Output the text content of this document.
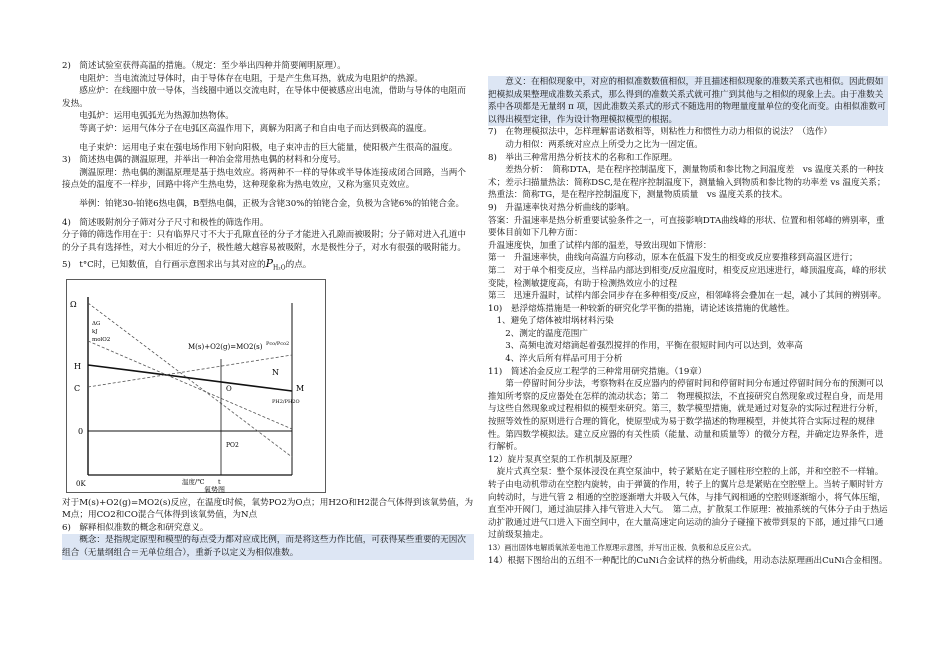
2)　简述试验室获得高温的措施。（规定：至少举出四种并简要阐明原理）。

电阻炉：当电流流过导体时，由于导体存在电阻，于是产生焦耳热，就成为电阻炉的热源。

感应炉：在线圈中放一导体，当线圈中通以交流电时，在导体中便被感应出电流，借助与导体的电阻而发热。

电弧炉：运用电弧弧光为热源加热物体。

等离子炉：运用气体分子在电弧区高温作用下，离解为阳离子和自由电子而达到极高的温度。

电子束炉：运用电子束在强电场作用下射向阳极，电子束冲击的巨大能量，使阳极产生很高的温度。

3)　简述热电偶的测温原理，并举出一种冶金常用热电偶的材料和分度号。

测温原理：热电偶的测温原理是基于热电效应。将两种不一样的导体或半导体连接成闭合回路，当两个接点处的温度不一样步，回路中将产生热电势，这种现象称为热电效应，又称为塞贝克效应。

举例：铂铑30-铂铑6热电偶，B型热电偶，正极为含铑30%的铂铑合金，负极为含铑6%的铂铑合金。

4)　简述吸附剂分子筛对分子尺寸和极性的筛选作用。

分子筛的筛选作用在于：只有临界尺寸不大于孔隙直径的分子才能进入孔隙而被吸附；分子筛对进入孔道中的分子具有选择性，对大小相近的分子，极性越大越容易被吸附，水是极性分子，对水有很强的吸附能力。

5)　t°C时，已知数值，自行画示意图求出与其对应的$P_{H_2O}$的点。

Ω
H
C
0
0K
ΔG
kJ
molO2
M(s)+O2(g)=MO2(s) Pco/Pco2
PH2/PH2O
M
N
O
PO2
温度/℃ t
氧势图

对于M(s)+O2(g)=MO2(s)反应，在温度t时候，氧势PO2为O点；用H2O和H2混合气体得到该氧势值，为M点；用CO2和CO混合气体得到该氧势值，为N点

6)　解释相似准数的概念和研究意义。

概念：是指规定原型和模型的每点受力都对应成比例，而是将这些力作比值，可获得某些重要的无因次组合（无量纲组合＝无单位组合），重新予以定义为相似准数。

意义：在相似现象中，对应的相似准数数值相似，并且描述相似现象的准数关系式也相似。因此假如把模拟成果整理成准数关系式，那么得到的准数关系式就可推广到其他与之相似的现象上去。由于准数关系中各项都是无量纲 π 项，因此准数关系式的形式不随选用的物理量度量单位的变化而变。由相似准数可以得出模型定律，作为设计物理模拟模型的根据。

7)　在物理模拟法中，怎样理解雷诺数相等，则粘性力和惯性力动力相似的说法？（选作）

动力相似：两系统对应点上所受力之比为一固定值。

8)　举出三种常用热分析技术的名称和工作原理。

差热分析：　简称DTA，是在程序控制温度下，测量物质和参比物之间温度差　vs 温度关系的一种技术；差示扫描量热法：简称DSC,是在程序控制温度下，测量输入到物质和参比物的功率差 vs 温度关系；　热重法：简称TG，是在程序控制温度下，测量物质质量　vs 温度关系的技术。

9)　升温速率快对热分析曲线的影响。

答案：升温速率是热分析重要试验条件之一，可直接影响DTA曲线峰的形状、位置和相邻峰的辨别率，重要体目前如下几种方面：

升温速度快，加重了试样内部的温差，导致出现如下情形：

第一　升温速率快，曲线向高温方向移动，原本在低温下发生的相变或反应要推移到高温区进行；

第二　对于单个相变反应，当样品内部达到相变/反应温度时，相变反应迅速进行，峰顶温度高，峰的形状变陡，检测敏捷度高，有助于检测热效应小的过程

第三　迅速升温时，试样内部会同步存在多种相变/反应，相邻峰将会叠加在一起，减小了其间的辨别率。

10)　悬浮熔炼措施是一种较新的研究化学平衡的措施，请论述该措施的优越性。

1、避免了熔体被坩埚材料污染

2、测定的温度范围广

3、高频电流对熔滴起着强烈搅拌的作用，平衡在很短时间内可以达到，效率高

4、淬火后所有样品可用于分析

11)　简述冶金反应工程学的三种常用研究措施。（19章）

第一停留时间分步法，考察物料在反应器内的停留时间和停留时间分布通过停留时间分布的预测可以推知所考察的反应器处在怎样的流动状态；第二　物理模拟法，不直接研究自然现象或过程自身，而是用与这些自然现象或过程相似的模型来研究。第三，数学模型措施，就是通过对复杂的实际过程进行分析，按照等效性的原则进行合理的简化，使原型成为易于数学描述的物理模型，并使其符合实际过程的规律性。第四数学模拟法。建立反应器的有关性质（能量、动量和质量等）的微分方程，并确定边界条件，进行解析。

12）旋片泵真空泵的工作机制及原理？

旋片式真空泵：整个泵体浸没在真空泵油中，转子紧贴在定子圆柱形空腔的上部，并和空腔不一样轴。转子由电动机带动在空腔内旋转，由于弹簧的作用，转子上的翼片总是紧贴在空腔壁上。当转子顺时针方向转动时，与进气管 2 相通的空腔逐渐增大并吸入气体，与排气阀相通的空腔则逐渐缩小，将气体压缩，直至冲开阀门，通过油层排入排气管进入大气。　第二点，扩散泵工作原理：被抽系统的气体分子由于热运动扩散通过进气口进入下面空间中，在大量高速定向运动的油分子碰撞下被带到泵的下部，通过排气口通过前级泵抽走。

13）画出固体电解质氧浓差电池工作原理示意图，并写出正极、负极和总反应公式。

14）根据下图给出的五组不一种配比的CuNi合金试样的热分析曲线，用动态法原理画出CuNi合金相图。
